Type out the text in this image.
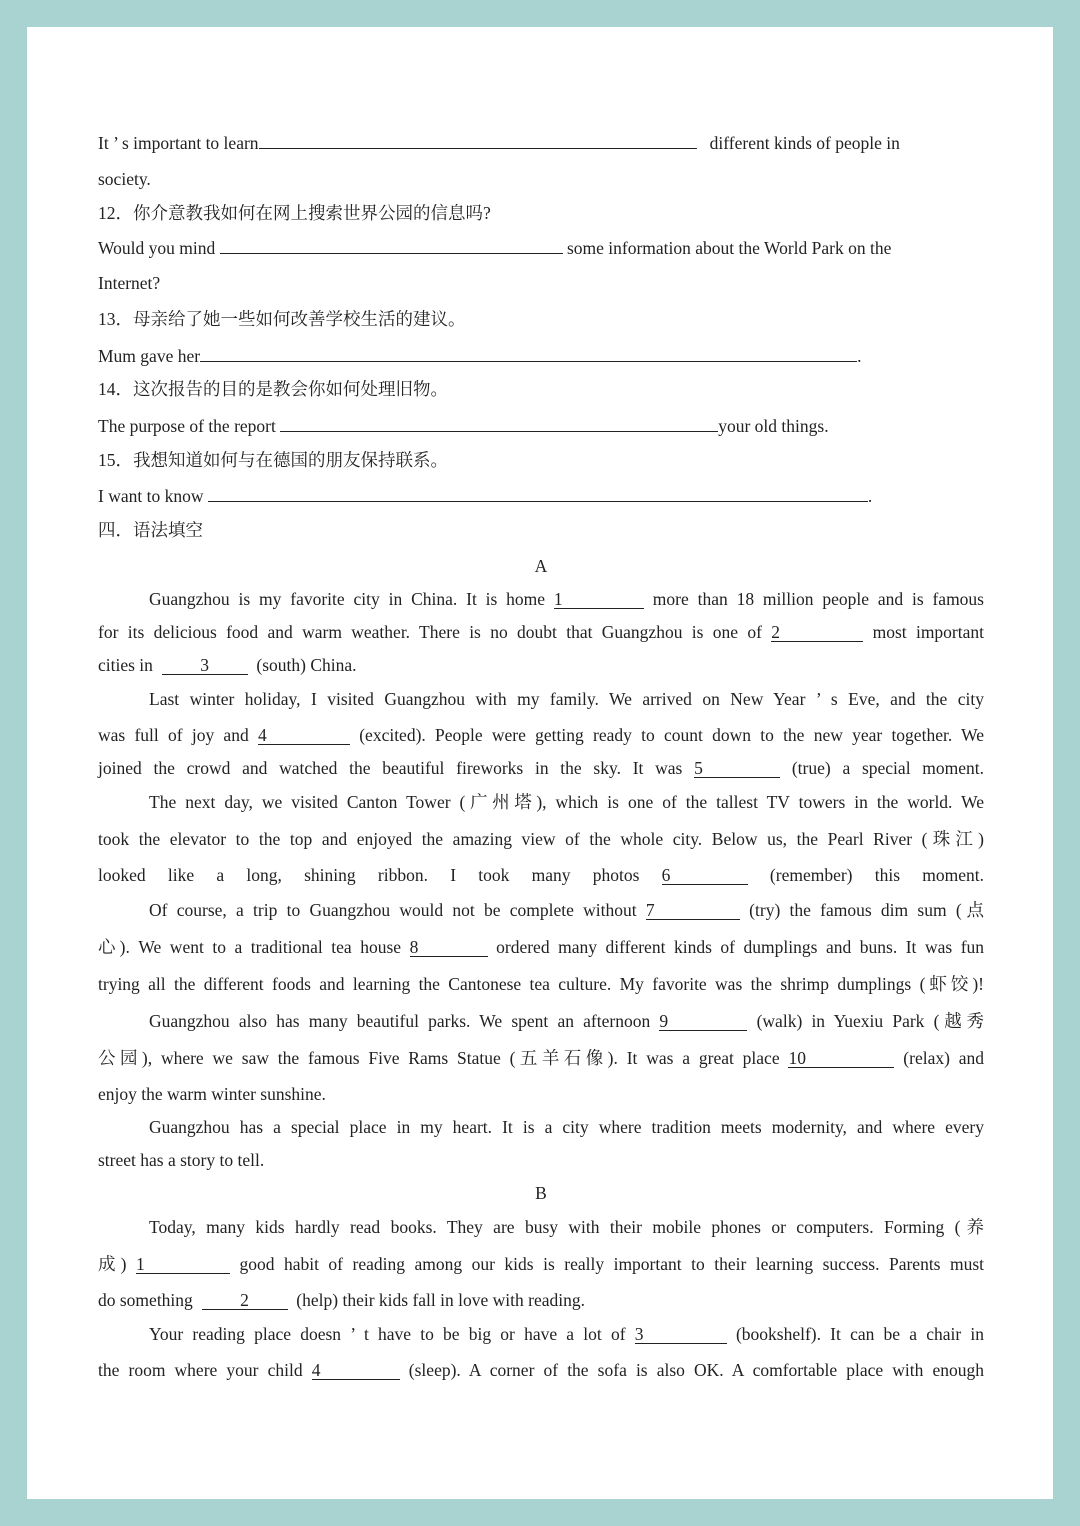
It ’ s important to learn	different kinds of people in
society.
12．你介意教我如何在网上搜索世界公园的信息吗?
Would you mind	some information about the World Park on the
Internet?
13．母亲给了她一些如何改善学校生活的建议。
Mum gave her	.
14．这次报告的目的是教会你如何处理旧物。
The purpose of the report	your old things.
15．我想知道如何与在德国的朋友保持联系。
I want to know	.
四．语法填空
A
Guangzhou is my favorite city in China. It is home 1	more than 18 million people and is famous
for its delicious food and warm weather. There is no doubt that Guangzhou is one of 2	most important
cities in	3	(south) China.
Last winter holiday, I visited Guangzhou with my family. We arrived on New Year ’ s Eve, and the city
was full of joy and 4	(excited). People were getting ready to count down to the new year together. We
joined the crowd and watched the beautiful fireworks in the sky. It was 5	(true) a special moment.
The next day, we visited Canton Tower (广州塔), which is one of the tallest TV towers in the world. We
took the elevator to the top and enjoyed the amazing view of the whole city. Below us, the Pearl River (珠江)
looked like a long, shining ribbon. I took many photos 6	(remember) this moment.
Of course, a trip to Guangzhou would not be complete without 7	(try) the famous dim sum (点
心). We went to a traditional tea house 8	ordered many different kinds of dumplings and buns. It was fun
trying all the different foods and learning the Cantonese tea culture. My favorite was the shrimp dumplings (虾饺)!
Guangzhou also has many beautiful parks. We spent an afternoon 9	(walk) in Yuexiu Park (越秀
公园), where we saw the famous Five Rams Statue (五羊石像). It was a great place 10	(relax) and
enjoy the warm winter sunshine.
Guangzhou has a special place in my heart. It is a city where tradition meets modernity, and where every
street has a story to tell.
B
Today, many kids hardly read books. They are busy with their mobile phones or computers. Forming (养
成) 1	good habit of reading among our kids is really important to their learning success. Parents must
do something	2	(help) their kids fall in love with reading.
Your reading place doesn ’ t have to be big or have a lot of 3	(bookshelf). It can be a chair in
the room where your child 4	(sleep). A corner of the sofa is also OK. A comfortable place with enough
